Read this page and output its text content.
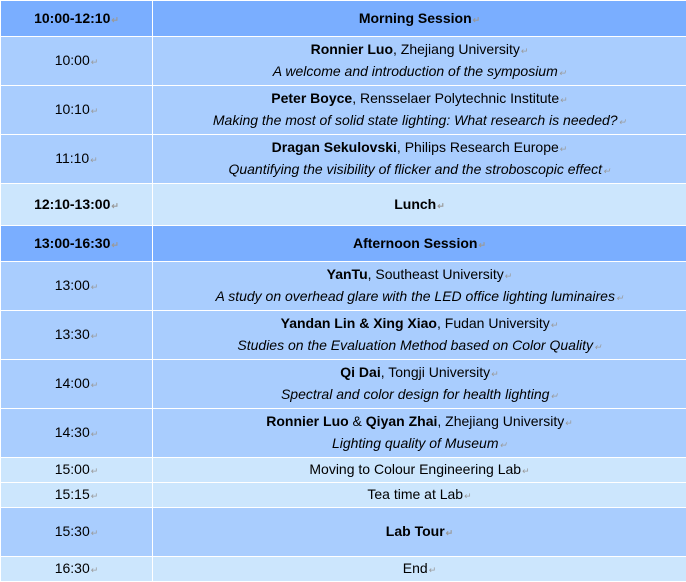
10:00-12:10↵	Morning Session↵
10:00↵	Ronnier Luo, Zhejiang University↵
A welcome and introduction of the symposium↵

10:10↵	Peter Boyce, Rensselaer Polytechnic Institute↵
Making the most of solid state lighting: What research is needed?↵

11:10↵	Dragan Sekulovski, Philips Research Europe↵
Quantifying the visibility of flicker and the stroboscopic effect↵

12:10-13:00↵	Lunch↵
13:00-16:30↵	Afternoon Session↵
13:00↵	YanTu, Southeast University↵
A study on overhead glare with the LED office lighting luminaires↵

13:30↵	Yandan Lin & Xing Xiao, Fudan University↵
Studies on the Evaluation Method based on Color Quality↵

14:00↵	Qi Dai, Tongji University↵
Spectral and color design for health lighting↵

14:30↵	Ronnier Luo & Qiyan Zhai, Zhejiang University↵
Lighting quality of Museum↵

15:00↵	Moving to Colour Engineering Lab↵
15:15↵	Tea time at Lab↵
15:30↵	Lab Tour↵
16:30↵	End↵
